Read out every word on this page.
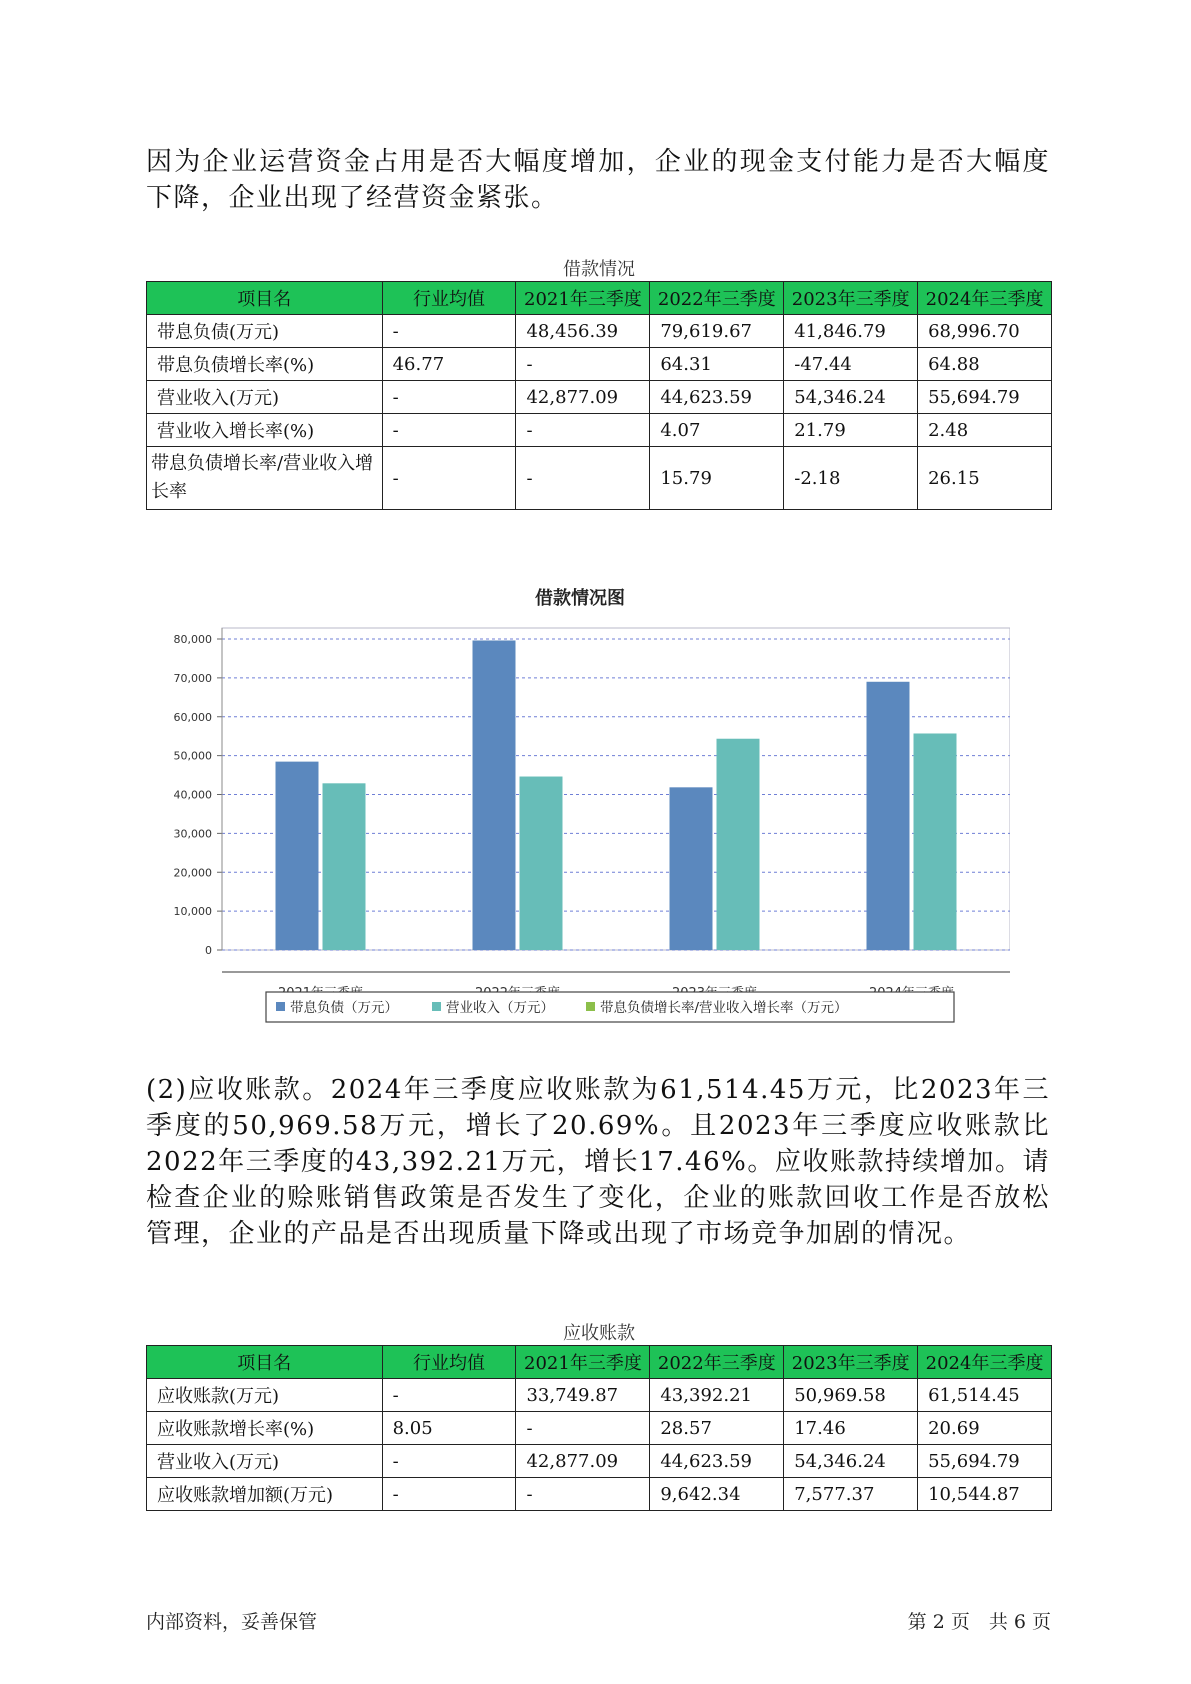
因为企业运营资金占用是否大幅度增加，企业的现金支付能力是否大幅度下降，企业出现了经营资金紧张。

借款情况
项目名	行业均值	2021年三季度	2022年三季度	2023年三季度	2024年三季度
带息负债(万元)	-	48,456.39	79,619.67	41,846.79	68,996.70
带息负债增长率(%)	46.77	-	64.31	-47.44	64.88
营业收入(万元)	-	42,877.09	44,623.59	54,346.24	55,694.79
营业收入增长率(%)	-	-	4.07	21.79	2.48
带息负债增长率/营业收入增长率	-	-	15.79	-2.18	26.15
借款情况图
0
10,000
20,000
30,000
40,000
50,000
60,000
70,000
80,000
带息负债（万元）	营业收入（万元）	带息负债增长率/营业收入增长率（万元）

(2)应收账款。2024年三季度应收账款为61,514.45万元，比2023年三季度的50,969.58万元，增长了20.69%。且2023年三季度应收账款比2022年三季度的43,392.21万元，增长17.46%。应收账款持续增加。请检查企业的赊账销售政策是否发生了变化，企业的账款回收工作是否放松管理，企业的产品是否出现质量下降或出现了市场竞争加剧的情况。

应收账款
项目名	行业均值	2021年三季度	2022年三季度	2023年三季度	2024年三季度
应收账款(万元)	-	33,749.87	43,392.21	50,969.58	61,514.45
应收账款增长率(%)	8.05	-	28.57	17.46	20.69
营业收入(万元)	-	42,877.09	44,623.59	54,346.24	55,694.79
应收账款增加额(万元)	-	-	9,642.34	7,577.37	10,544.87
内部资料，妥善保管	第 2 页　共 6 页
